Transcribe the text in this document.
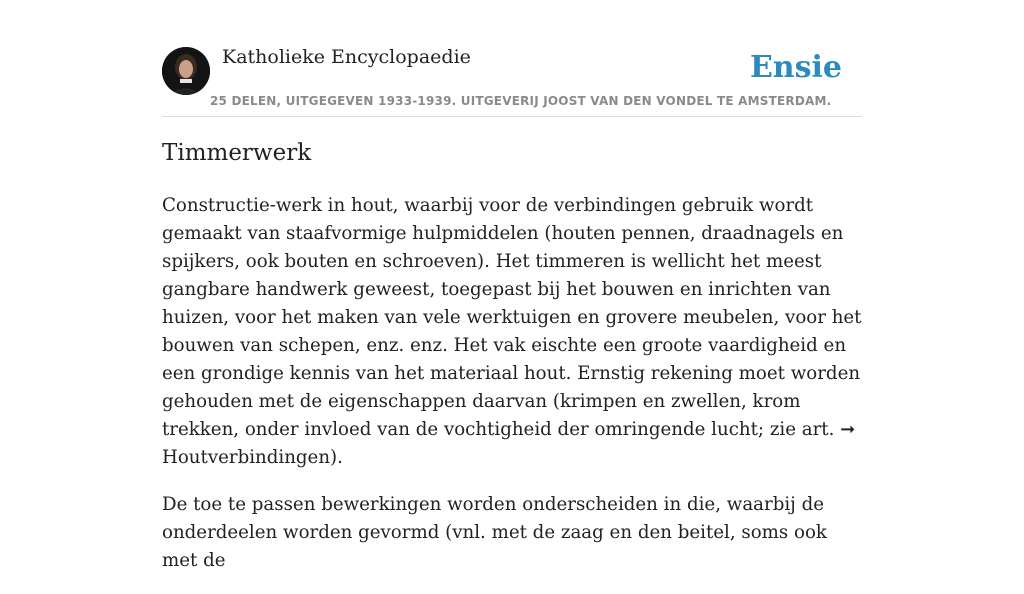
Katholieke Encyclopaedie
25 DELEN, UITGEGEVEN 1933-1939. UITGEVERIJ JOOST VAN DEN VONDEL TE AMSTERDAM.
Ensie
Timmerwerk

Constructie-werk in hout, waarbij voor de verbindingen gebruik wordt gemaakt van staafvormige hulpmiddelen (houten pennen, draadnagels en spijkers, ook bouten en schroeven). Het timmeren is wellicht het meest gangbare handwerk geweest, toegepast bij het bouwen en inrichten van huizen, voor het maken van vele werktuigen en grovere meubelen, voor het bouwen van schepen, enz. enz. Het vak eischte een groote vaardigheid en een grondige kennis van het materiaal hout. Ernstig rekening moet worden gehouden met de eigenschappen daarvan (krimpen en zwellen, krom trekken, onder invloed van de vochtigheid der omringende lucht; zie art. ➞ Houtverbindingen).

De toe te passen bewerkingen worden onderscheiden in die, waarbij de onderdeelen worden gevormd (vnl. met de zaag en den beitel, soms ook met de
